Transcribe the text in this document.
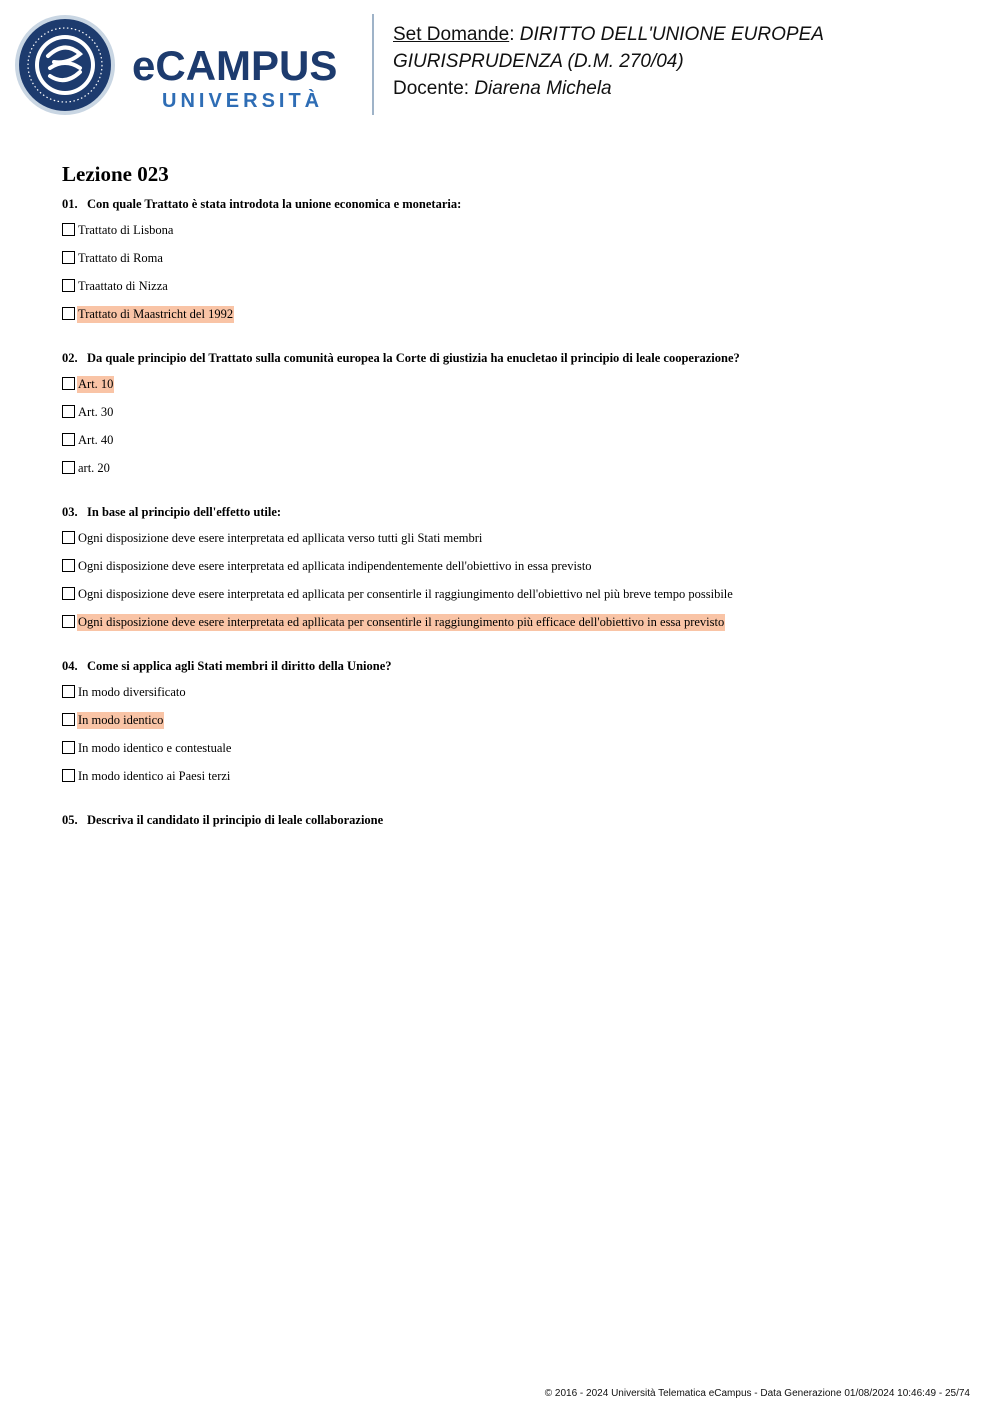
eCAMPUS
UNIVERSITÀ
Set Domande: DIRITTO DELL'UNIONE EUROPEA
GIURISPRUDENZA (D.M. 270/04)
Docente: Diarena Michela
Lezione 023
01. Con quale Trattato è stata introdota la unione economica e monetaria:
Trattato di Lisbona
Trattato di Roma
Traattato di Nizza
Trattato di Maastricht del 1992
02. Da quale principio del Trattato sulla comunità europea la Corte di giustizia ha enucletao il principio di leale cooperazione?
Art. 10
Art. 30
Art. 40
art. 20
03. In base al principio dell'effetto utile:
Ogni disposizione deve esere interpretata ed apllicata verso tutti gli Stati membri
Ogni disposizione deve esere interpretata ed apllicata indipendentemente dell'obiettivo in essa previsto
Ogni disposizione deve esere interpretata ed apllicata per consentirle il raggiungimento dell'obiettivo nel più breve tempo possibile
Ogni disposizione deve esere interpretata ed apllicata per consentirle il raggiungimento più efficace dell'obiettivo in essa previsto
04. Come si applica agli Stati membri il diritto della Unione?
In modo diversificato
In modo identico
In modo identico e contestuale
In modo identico ai Paesi terzi
05. Descriva il candidato il principio di leale collaborazione
© 2016 - 2024 Università Telematica eCampus - Data Generazione 01/08/2024 10:46:49 - 25/74
